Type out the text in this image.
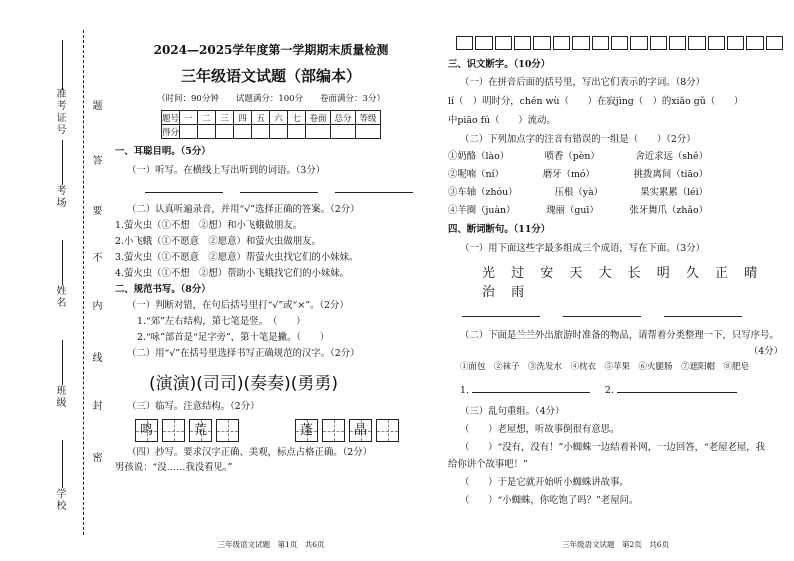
准考证号
考场
姓名
班级
学校
题
答
要
不
内
线
封
密
2024—2025学年度第一学期期末质量检测
三年级语文试题（部编本）
（时间：90分钟　　试题满分：100分　　卷面满分：3分）
题号	一	二	三	四	五	六	七	卷面	总分	等级
得分										
一、耳聪目明。（5分）
（一）听写。在横线上写出听到的词语。（3分）

（二）认真听遍录音，并用“√”选择正确的答案。（2分）
1.萤火虫（①不想　②想）和小飞蛾做朋友。
2.小飞蛾（①不愿意　②愿意）和萤火虫做朋友。
3.萤火虫（①不愿意　②愿意）帮萤火虫找它们的小妹妹。
4.萤火虫（①不想　②想）帮助小飞蛾找它们的小妹妹。
二、规范书写。（8分）
（一）判断对错，在句后括号里打“√”或“×”。（2分）
1.“郊”左右结构，第七笔是竖。　（　　）
2.“咏”部首是“足字旁”，第十笔是撇。（　　）
（二）用“√”在括号里选择书写正确规范的汉字。（2分）
(演演)(司司)(奏奏)(勇勇)
（三）临写。注意结构。（2分）
鸣	荒	蓬	晶
（四）抄写。要求汉字正确、美观，标点占格正确。（2分）
男孩说：“没……我没看见。”
三年级语文试题　第1页　共6页
三、识文断字。（10分）
（一）在拼音后面的括号里，写出它们表示的字词。（8分）
lí（　）明时分，chén wù（　　）在寂jìng（　）的xiǎo gǔ（　　）
中piāo fú（　　）流动。
（二）下列加点字的注音有错误的一组是（　　）（2分）
①奶酪（lào）	喷香（pèn）	舍近求远（shě）
②呢喃（ní）	磨牙（mó）	挑拨离间（tiāo）
③车轴（zhóu）	压根（yà）	果实累累（léi）
④羊圈（juàn）	瑰丽（guī）	张牙舞爪（zhǎo）
四、断词断句。（11分）
（一）用下面这些字最多组成三个成语，写在下面。（3分）
光 过 安 天 大 长 明 久 正 晴 治 雨

（二）下面是兰兰外出旅游时准备的物品，请帮着分类整理一下，只写序号。
（4分）
①面包　②袜子　③洗发水　④枕衣　⑤苹果　⑥火腿肠　⑦遮阳帽　⑧肥皂
1.	2.
（三）乱句重组。（4分）
（　　）老屋想，听故事倒很有意思。
（　　）“没有，没有！”小蜘蛛一边结着补网，一边回答，“老屋老屋，我
给你讲个故事吧！”
（　　）于是它就开始听小蜘蛛讲故事。
（　　）“小蜘蛛，你吃饱了吗？”老屋问。
三年级语文试题　第2页　共6页
